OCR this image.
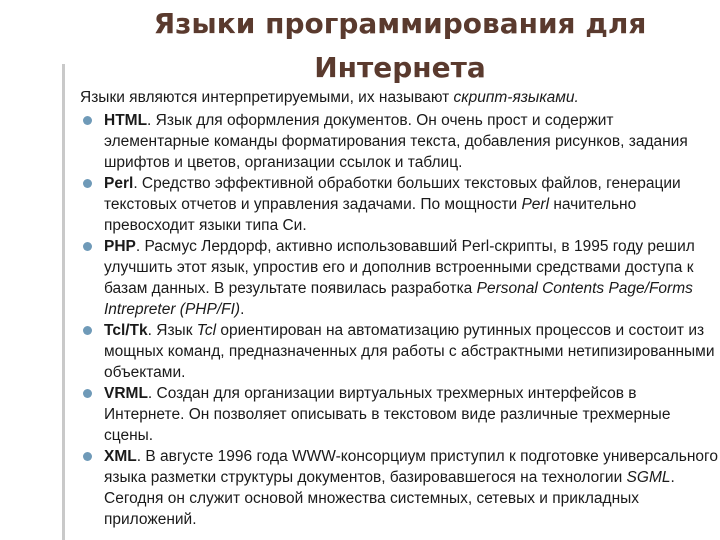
Языки программирования для Интернета
Языки являются интерпретируемыми, их называют скрипт-языками.
HTML. Язык для оформления документов. Он очень прост и содержит элементарные команды форматирования текста, добавления рисунков, задания шрифтов и цветов, организации ссылок и таблиц.
Perl. Средство эффективной обработки больших текстовых файлов, генерации текстовых отчетов и управления задачами. По мощности Perl начительно превосходит языки типа Си.
PHP. Расмус Лердорф, активно использовавший Perl-скрипты, в 1995 году решил улучшить этот язык, упростив его и дополнив встроенными средствами доступа к базам данных. В результате появилась разработка Personal Contents Page/Forms Intrepreter (PHP/FI).
Tcl/Tk. Язык Tcl ориентирован на автоматизацию рутинных процессов и состоит из мощных команд, предназначенных для работы с абстрактными нетипизированными объектами.
VRML. Создан для организации виртуальных трехмерных интерфейсов в Интернете. Он позволяет описывать в текстовом виде различные трехмерные сцены.
XML. В августе 1996 года WWW-консорциум приступил к подготовке универсального языка разметки структуры документов, базировавшегося на технологии SGML. Сегодня он служит основой множества системных, сетевых и прикладных приложений.
